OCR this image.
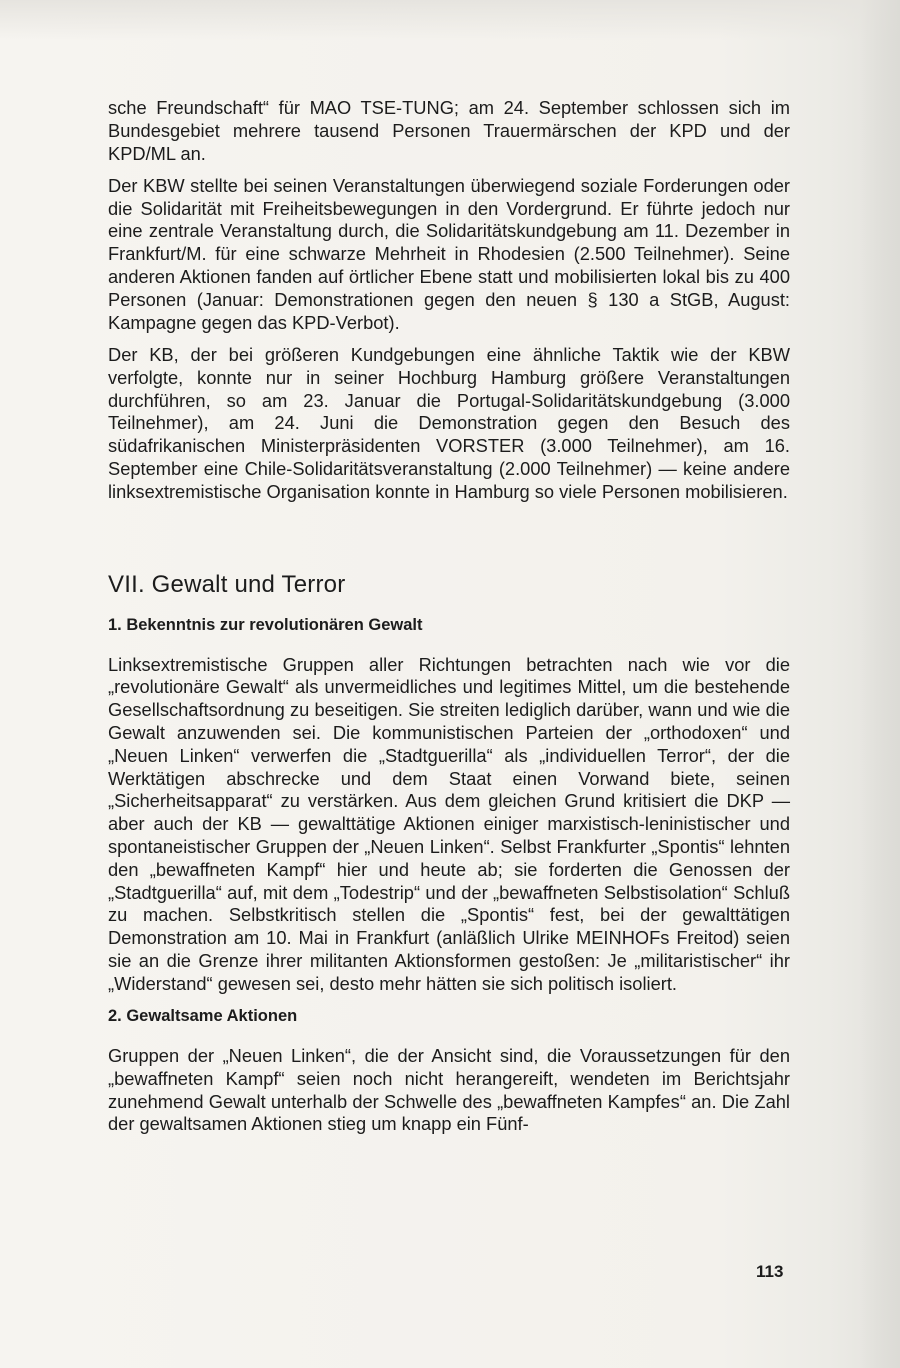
sche Freundschaft“ für MAO TSE-TUNG; am 24. September schlossen sich im Bundesgebiet mehrere tausend Personen Trauermärschen der KPD und der KPD/ML an.

Der KBW stellte bei seinen Veranstaltungen überwiegend soziale Forderungen oder die Solidarität mit Freiheitsbewegungen in den Vordergrund. Er führte jedoch nur eine zentrale Veranstaltung durch, die Solidaritätskundgebung am 11. Dezember in Frankfurt/M. für eine schwarze Mehrheit in Rhodesien (2.500 Teilnehmer). Seine anderen Aktionen fanden auf örtlicher Ebene statt und mobilisierten lokal bis zu 400 Personen (Januar: Demonstrationen gegen den neuen § 130 a StGB, August: Kampagne gegen das KPD-Verbot).

Der KB, der bei größeren Kundgebungen eine ähnliche Taktik wie der KBW verfolgte, konnte nur in seiner Hochburg Hamburg größere Veranstaltungen durchführen, so am 23. Januar die Portugal-Solidaritätskundgebung (3.000 Teilnehmer), am 24. Juni die Demonstration gegen den Besuch des südafrikanischen Ministerpräsidenten VORSTER (3.000 Teilnehmer), am 16. September eine Chile-Solidaritätsveranstaltung (2.000 Teilnehmer) — keine andere linksextremistische Organisation konnte in Hamburg so viele Personen mobilisieren.

VII. Gewalt und Terror
1. Bekenntnis zur revolutionären Gewalt

Linksextremistische Gruppen aller Richtungen betrachten nach wie vor die „revolutionäre Gewalt“ als unvermeidliches und legitimes Mittel, um die bestehende Gesellschaftsordnung zu beseitigen. Sie streiten lediglich darüber, wann und wie die Gewalt anzuwenden sei. Die kommunistischen Parteien der „orthodoxen“ und „Neuen Linken“ verwerfen die „Stadtguerilla“ als „individuellen Terror“, der die Werktätigen abschrecke und dem Staat einen Vorwand biete, seinen „Sicherheitsapparat“ zu verstärken. Aus dem gleichen Grund kritisiert die DKP — aber auch der KB — gewalttätige Aktionen einiger marxistisch-leninistischer und spontaneistischer Gruppen der „Neuen Linken“. Selbst Frankfurter „Spontis“ lehnten den „bewaffneten Kampf“ hier und heute ab; sie forderten die Genossen der „Stadtguerilla“ auf, mit dem „Todestrip“ und der „bewaffneten Selbstisolation“ Schluß zu machen. Selbstkritisch stellen die „Spontis“ fest, bei der gewalttätigen Demonstration am 10. Mai in Frankfurt (anläßlich Ulrike MEINHOFs Freitod) seien sie an die Grenze ihrer militanten Aktionsformen gestoßen: Je „militaristischer“ ihr „Widerstand“ gewesen sei, desto mehr hätten sie sich politisch isoliert.

2. Gewaltsame Aktionen

Gruppen der „Neuen Linken“, die der Ansicht sind, die Voraussetzungen für den „bewaffneten Kampf“ seien noch nicht herangereift, wendeten im Berichtsjahr zunehmend Gewalt unterhalb der Schwelle des „bewaffneten Kampfes“ an. Die Zahl der gewaltsamen Aktionen stieg um knapp ein Fünf-

113
